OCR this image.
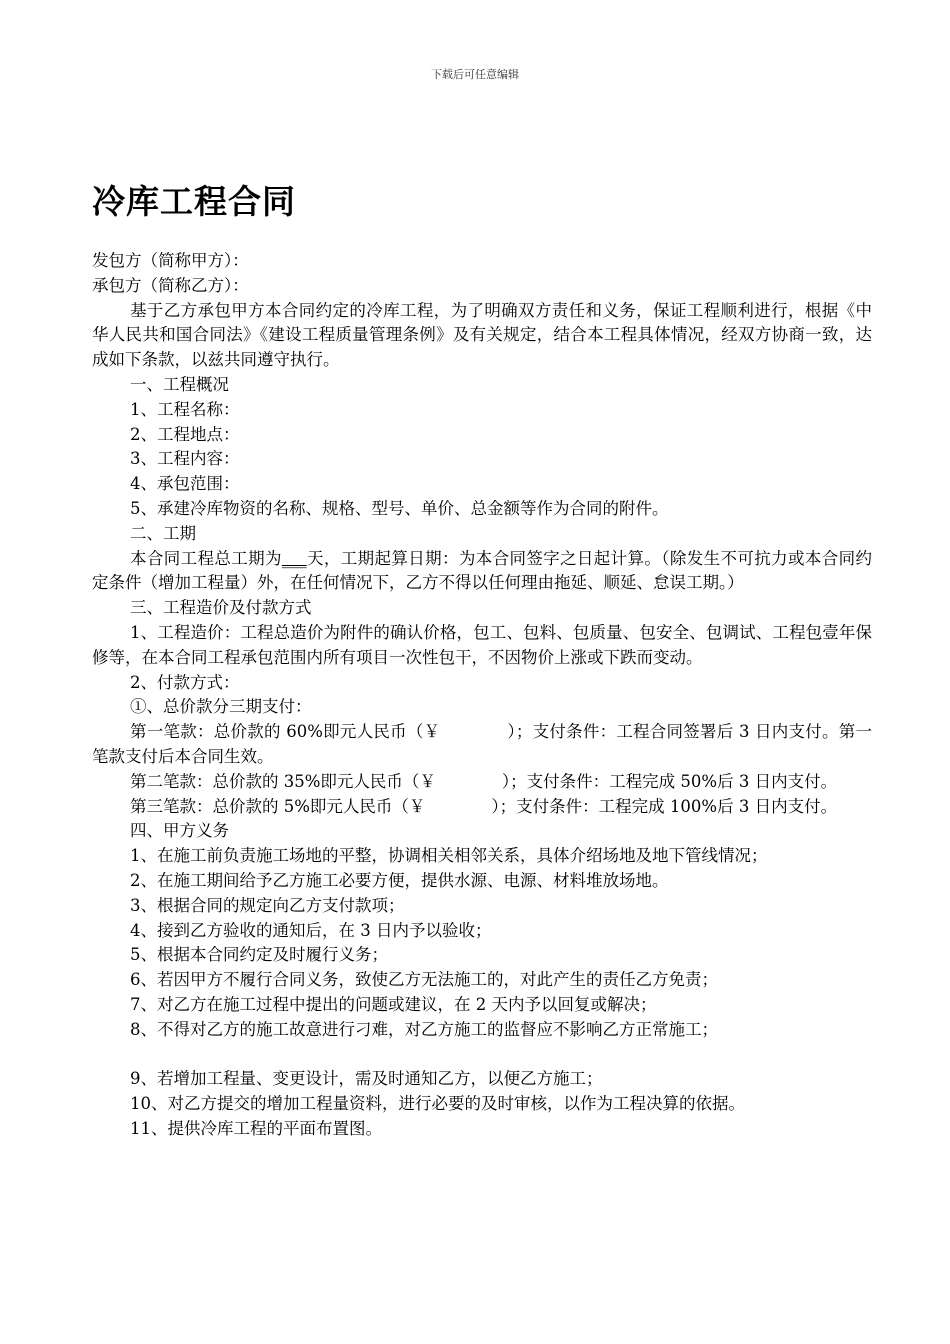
下载后可任意编辑
冷库工程合同
发包方（简称甲方）：
承包方（简称乙方）：
基于乙方承包甲方本合同约定的冷库工程，为了明确双方责任和义务，保证工程顺利进行，根据《中华人民共和国合同法》《建设工程质量管理条例》及有关规定，结合本工程具体情况，经双方协商一致，达成如下条款，以兹共同遵守执行。
一、工程概况
1、工程名称：
2、工程地点：
3、工程内容：
4、承包范围：
5、承建冷库物资的名称、规格、型号、单价、总金额等作为合同的附件。
二、工期
本合同工程总工期为___天，工期起算日期：为本合同签字之日起计算。（除发生不可抗力或本合同约定条件（增加工程量）外，在任何情况下，乙方不得以任何理由拖延、顺延、怠误工期。）
三、工程造价及付款方式
1、工程造价：工程总造价为附件的确认价格，包工、包料、包质量、包安全、包调试、工程包壹年保修等，在本合同工程承包范围内所有项目一次性包干，不因物价上涨或下跌而变动。
2、付款方式：
①、总价款分三期支付：
第一笔款：总价款的 60%即元人民币（￥　　　　）；支付条件：工程合同签署后 3 日内支付。第一笔款支付后本合同生效。
第二笔款：总价款的 35%即元人民币（￥　　　　）；支付条件：工程完成 50%后 3 日内支付。
第三笔款：总价款的 5%即元人民币（￥　　　　）；支付条件：工程完成 100%后 3 日内支付。
四、甲方义务
1、在施工前负责施工场地的平整，协调相关相邻关系，具体介绍场地及地下管线情况；
2、在施工期间给予乙方施工必要方便，提供水源、电源、材料堆放场地。
3、根据合同的规定向乙方支付款项；
4、接到乙方验收的通知后，在 3 日内予以验收；
5、根据本合同约定及时履行义务；
6、若因甲方不履行合同义务，致使乙方无法施工的，对此产生的责任乙方免责；
7、对乙方在施工过程中提出的问题或建议，在 2 天内予以回复或解决；
8、不得对乙方的施工故意进行刁难，对乙方施工的监督应不影响乙方正常施工；
9、若增加工程量、变更设计，需及时通知乙方，以便乙方施工；
10、对乙方提交的增加工程量资料，进行必要的及时审核，以作为工程决算的依据。
11、提供冷库工程的平面布置图。
